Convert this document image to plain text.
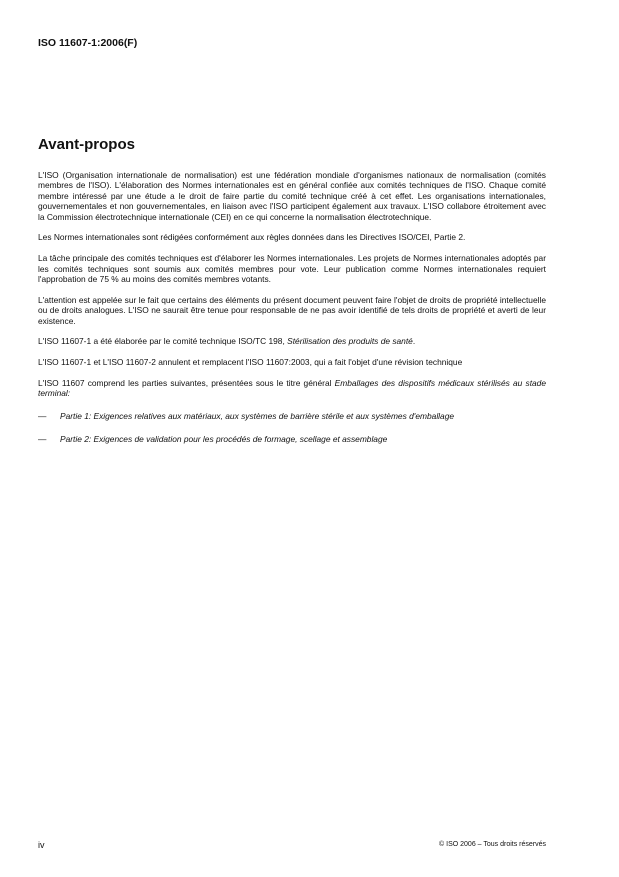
ISO 11607-1:2006(F)
Avant-propos

L'ISO (Organisation internationale de normalisation) est une fédération mondiale d'organismes nationaux de normalisation (comités membres de l'ISO). L'élaboration des Normes internationales est en général confiée aux comités techniques de l'ISO. Chaque comité membre intéressé par une étude a le droit de faire partie du comité technique créé à cet effet. Les organisations internationales, gouvernementales et non gouvernementales, en liaison avec l'ISO participent également aux travaux. L'ISO collabore étroitement avec la Commission électrotechnique internationale (CEI) en ce qui concerne la normalisation électrotechnique.

Les Normes internationales sont rédigées conformément aux règles données dans les Directives ISO/CEI, Partie 2.

La tâche principale des comités techniques est d'élaborer les Normes internationales. Les projets de Normes internationales adoptés par les comités techniques sont soumis aux comités membres pour vote. Leur publication comme Normes internationales requiert l'approbation de 75 % au moins des comités membres votants.

L'attention est appelée sur le fait que certains des éléments du présent document peuvent faire l'objet de droits de propriété intellectuelle ou de droits analogues. L'ISO ne saurait être tenue pour responsable de ne pas avoir identifié de tels droits de propriété et averti de leur existence.

L'ISO 11607-1 a été élaborée par le comité technique ISO/TC 198, Stérilisation des produits de santé.

L'ISO 11607-1 et L'ISO 11607-2 annulent et remplacent l'ISO 11607:2003, qui a fait l'objet d'une révision technique

L'ISO 11607 comprend les parties suivantes, présentées sous le titre général Emballages des dispositifs médicaux stérilisés au stade terminal:

— Partie 1: Exigences relatives aux matériaux, aux systèmes de barrière stérile et aux systèmes d'emballage
— Partie 2: Exigences de validation pour les procédés de formage, scellage et assemblage
iv	© ISO 2006 – Tous droits réservés
